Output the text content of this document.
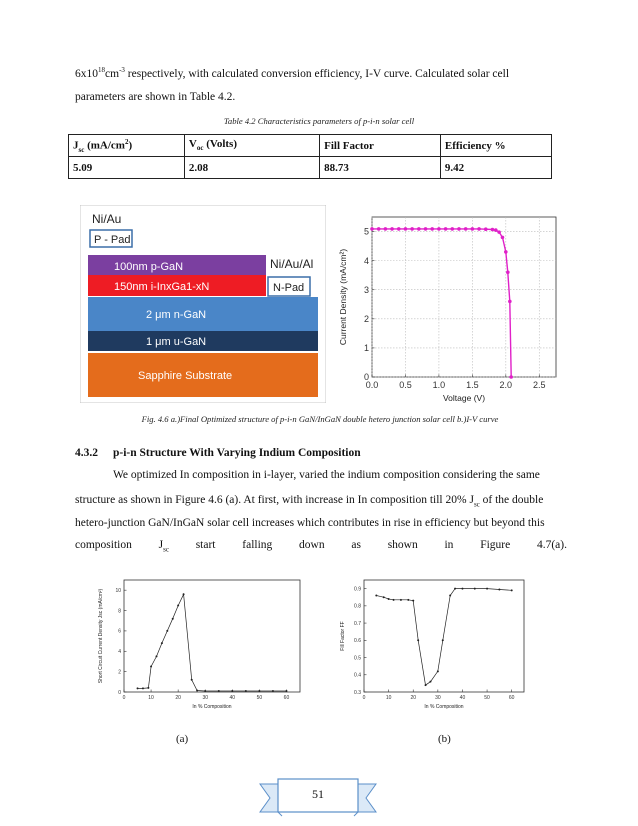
$6x10^{18}cm^{-3}$ respectively, with calculated conversion efficiency, I-V curve. Calculated solar cell
parameters are shown in Table 4.2.
Table 4.2 Characteristics parameters of p-i-n solar cell
$J_{sc}$ $(mA/cm^2)$	$V_{oc}$ (Volts)	Fill Factor	Efficiency %
5.09	2.08	88.73	9.42
Ni/Au
P - Pad
Ni/Au/Al
100nm p-GaN
150nm i-InxGa1-xN	N-Pad
2 μm n-GaN
1 μm u-GaN
Sapphire Substrate
0.0 0.5 1.0 1.5 2.0 2.5
0
1
2
3
4
5
Voltage (V)
Current Density (mA/cm²)
Fig. 4.6 a.)Final Optimized structure of p-i-n GaN/InGaN double hetero junction solar cell b.)I-V curve
4.3.2 p-i-n Structure With Varying Indium Composition
We optimized In composition in i-layer, varied the indium composition considering the same
structure as shown in Figure 4.6 (a). At first, with increase in In composition till 20% $J_{sc}$ of the double
hetero-junction GaN/InGaN solar cell increases which contributes in rise in efficiency but beyond this
composition $J_{sc}$ start falling down as shown in Figure 4.7(a).
0	10	20	30	40	50	60
0
2
4
6
8
10
In % Composition
Short Circuit Current Density Jsc (mA/cm²)
0	10	20	30	40	50	60
0.3
0.4
0.5
0.6
0.7
0.8
0.9
In % Composition
Fill Factor FF
(a)	(b)
51
